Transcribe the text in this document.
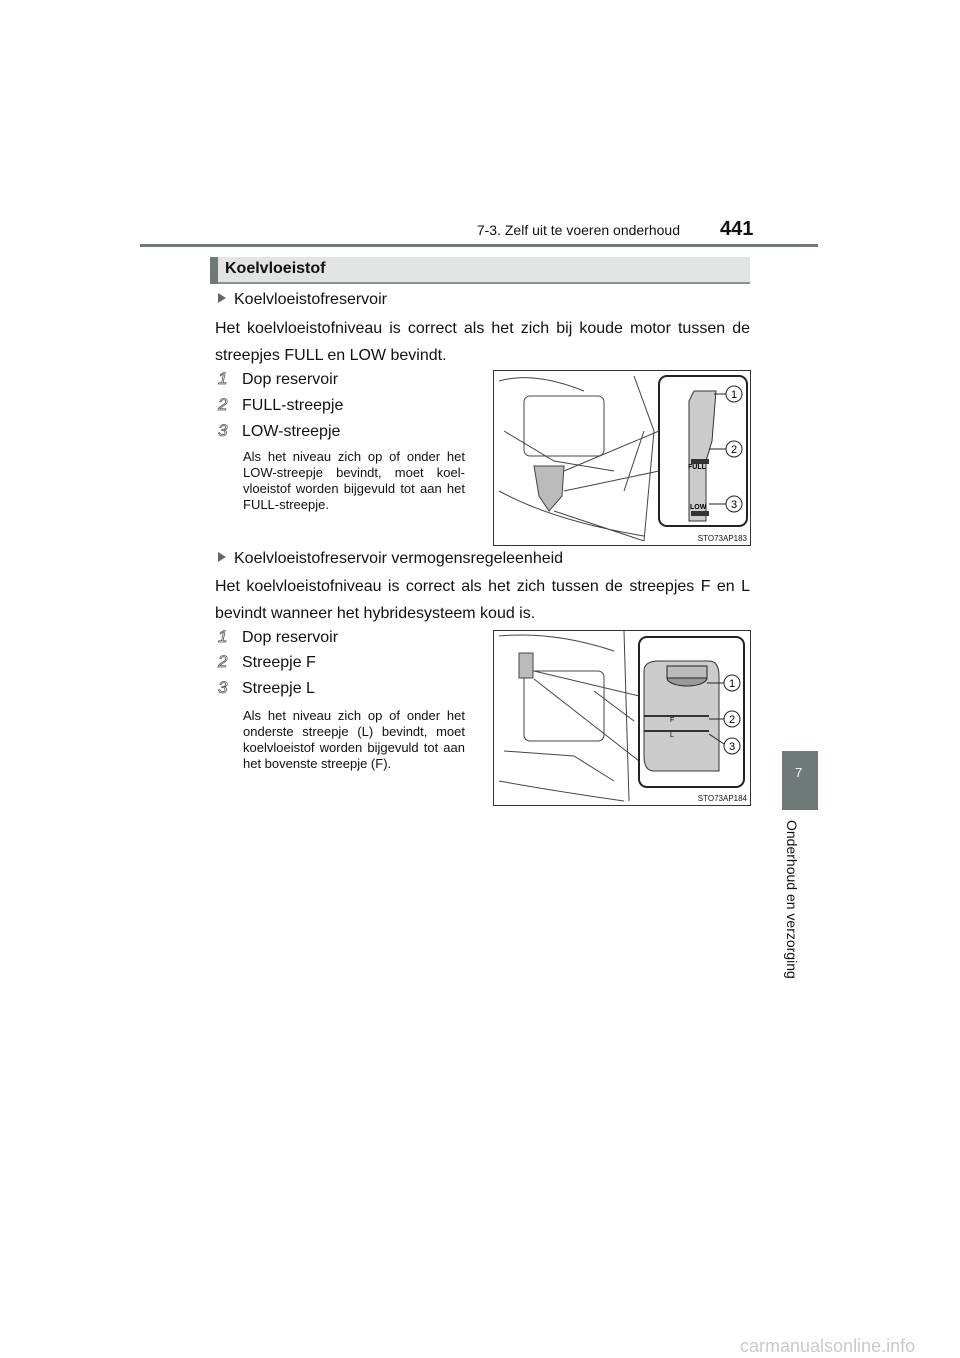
7-3. Zelf uit te voeren onderhoud 441
Koelvloeistof
Koelvloeistofreservoir
Het koelvloeistofniveau is correct als het zich bij koude motor tussen de streepjes FULL en LOW bevindt.
1 Dop reservoir
2 FULL-streepje
3 LOW-streepje
Als het niveau zich op of onder het LOW-streepje bevindt, moet koelvloeistof worden bijgevuld tot aan het FULL-streepje.
FULL
LOW
1
2
3
STO73AP183
Koelvloeistofreservoir vermogensregeleenheid
Het koelvloeistofniveau is correct als het zich tussen de streepjes F en L bevindt wanneer het hybridesysteem koud is.
1 Dop reservoir
2 Streepje F
3 Streepje L
Als het niveau zich op of onder het onderste streepje (L) bevindt, moet koelvloeistof worden bijgevuld tot aan het bovenste streepje (F).
F
L
1
2
3
STO73AP184
7
Onderhoud en verzorging
carmanualsonline.info
